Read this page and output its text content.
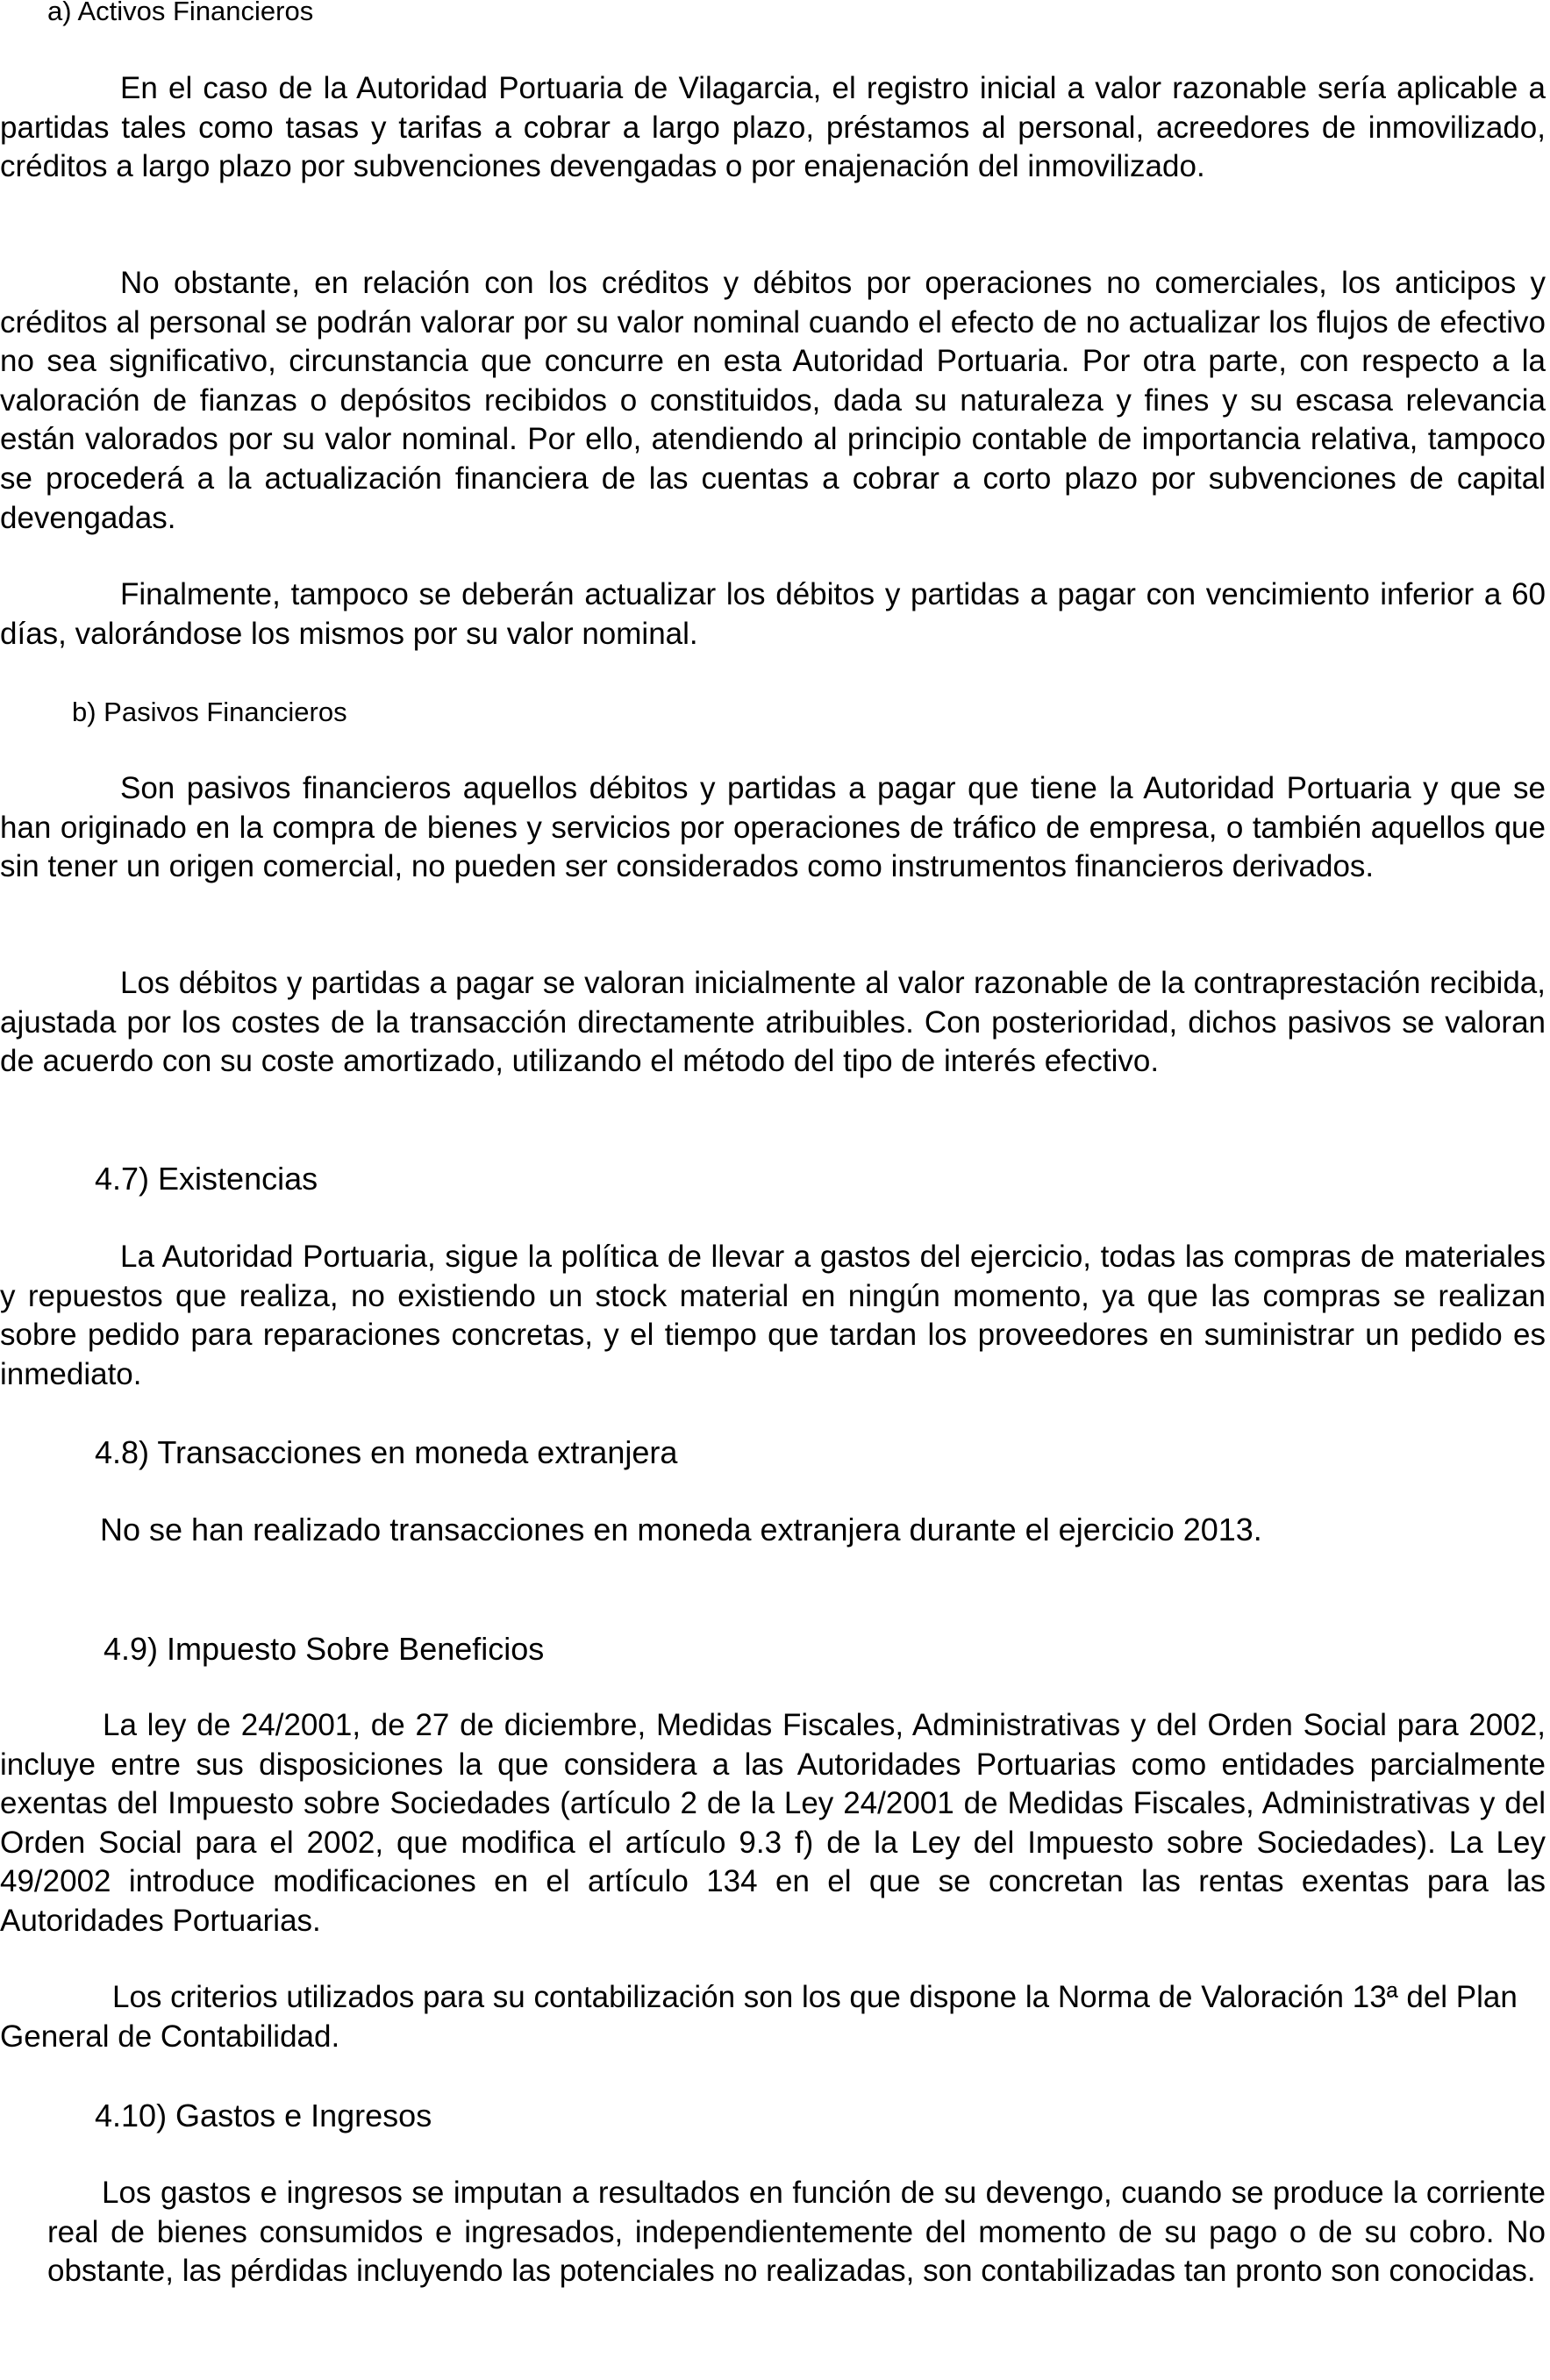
a) Activos Financieros

En el caso de la Autoridad Portuaria de Vilagarcia, el registro inicial a valor razonable sería aplicable a partidas tales como tasas y tarifas a cobrar a largo plazo, préstamos al personal, acreedores de inmovilizado, créditos a largo plazo por subvenciones devengadas o por enajenación del inmovilizado.

No obstante, en relación con los créditos y débitos por operaciones no comerciales, los anticipos y créditos al personal se podrán valorar por su valor nominal cuando el efecto de no actualizar los flujos de efectivo no sea significativo, circunstancia que concurre en esta Autoridad Portuaria. Por otra parte, con respecto a la valoración de fianzas o depósitos recibidos o constituidos, dada su naturaleza y fines y su escasa relevancia están valorados por su valor nominal. Por ello, atendiendo al principio contable de importancia relativa, tampoco se procederá a la actualización financiera de las cuentas a cobrar a corto plazo por subvenciones de capital devengadas.

Finalmente, tampoco se deberán actualizar los débitos y partidas a pagar con vencimiento inferior a 60 días, valorándose los mismos por su valor nominal.

b) Pasivos Financieros

Son pasivos financieros aquellos débitos y partidas a pagar que tiene la Autoridad Portuaria y que se han originado en la compra de bienes y servicios por operaciones de tráfico de empresa, o también aquellos que sin tener un origen comercial, no pueden ser considerados como instrumentos financieros derivados.

Los débitos y partidas a pagar se valoran inicialmente al valor razonable de la contraprestación recibida, ajustada por los costes de la transacción directamente atribuibles. Con posterioridad, dichos pasivos se valoran de acuerdo con su coste amortizado, utilizando el método del tipo de interés efectivo.

4.7) Existencias

La Autoridad Portuaria, sigue la política de llevar a gastos del ejercicio, todas las compras de materiales y repuestos que realiza, no existiendo un stock material en ningún momento, ya que las compras se realizan sobre pedido para reparaciones concretas, y el tiempo que tardan los proveedores en suministrar un pedido es inmediato.

4.8) Transacciones en moneda extranjera
No se han realizado transacciones en moneda extranjera durante el ejercicio 2013.
4.9) Impuesto Sobre Beneficios

La ley de 24/2001, de 27 de diciembre, Medidas Fiscales, Administrativas y del Orden Social para 2002, incluye entre sus disposiciones la que considera a las Autoridades Portuarias como entidades parcialmente exentas del Impuesto sobre Sociedades (artículo 2 de la Ley 24/2001 de Medidas Fiscales, Administrativas y del Orden Social para el 2002, que modifica el artículo 9.3 f) de la Ley del Impuesto sobre Sociedades). La Ley 49/2002 introduce modificaciones en el artículo 134 en el que se concretan las rentas exentas para las Autoridades Portuarias.

Los criterios utilizados para su contabilización son los que dispone la Norma de Valoración 13ª del Plan General de Contabilidad.

4.10) Gastos e Ingresos

Los gastos e ingresos se imputan a resultados en función de su devengo, cuando se produce la corriente real de bienes consumidos e ingresados, independientemente del momento de su pago o de su cobro. No obstante, las pérdidas incluyendo las potenciales no realizadas, son contabilizadas tan pronto son conocidas.
